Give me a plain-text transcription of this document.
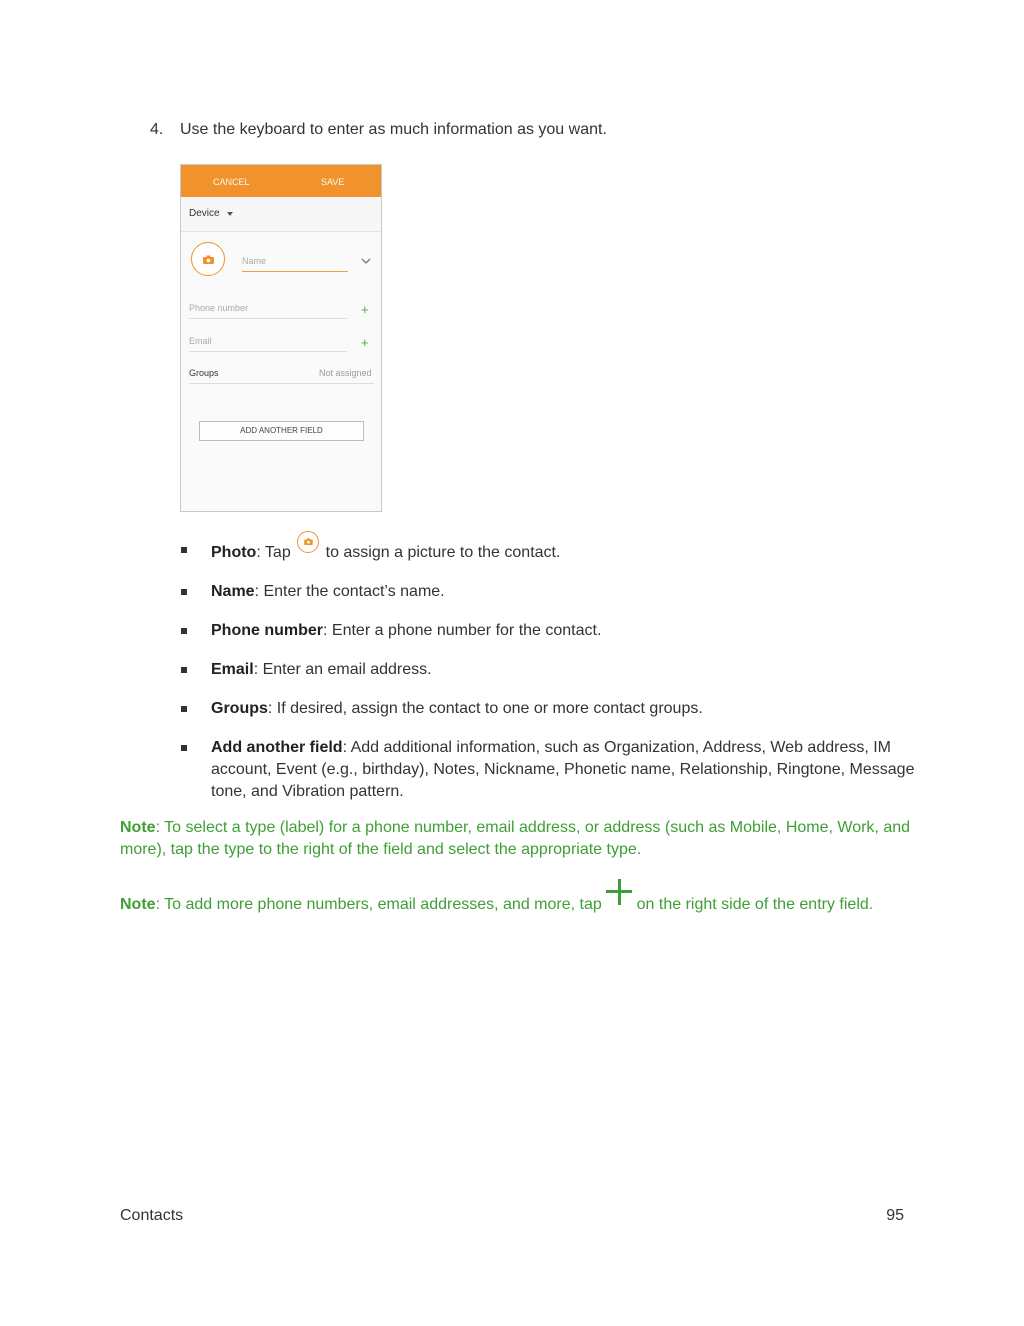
4. Use the keyboard to enter as much information as you want.
CANCEL	SAVE
Device
Name
Phone number	+
Email	+
Groups	Not assigned
ADD ANOTHER FIELD
Photo: Tap
to assign a picture to the contact.
Name: Enter the contact’s name.
Phone number: Enter a phone number for the contact.
Email: Enter an email address.
Groups: If desired, assign the contact to one or more contact groups.
Add another field: Add additional information, such as Organization, Address, Web address, IM account, Event (e.g., birthday), Notes, Nickname, Phonetic name, Relationship, Ringtone, Message tone, and Vibration pattern.
Note: To select a type (label) for a phone number, email address, or address (such as Mobile, Home, Work, and more), tap the type to the right of the field and select the appropriate type.
Note: To add more phone numbers, email addresses, and more, tap  on the right side of the entry field.
Contacts	95
